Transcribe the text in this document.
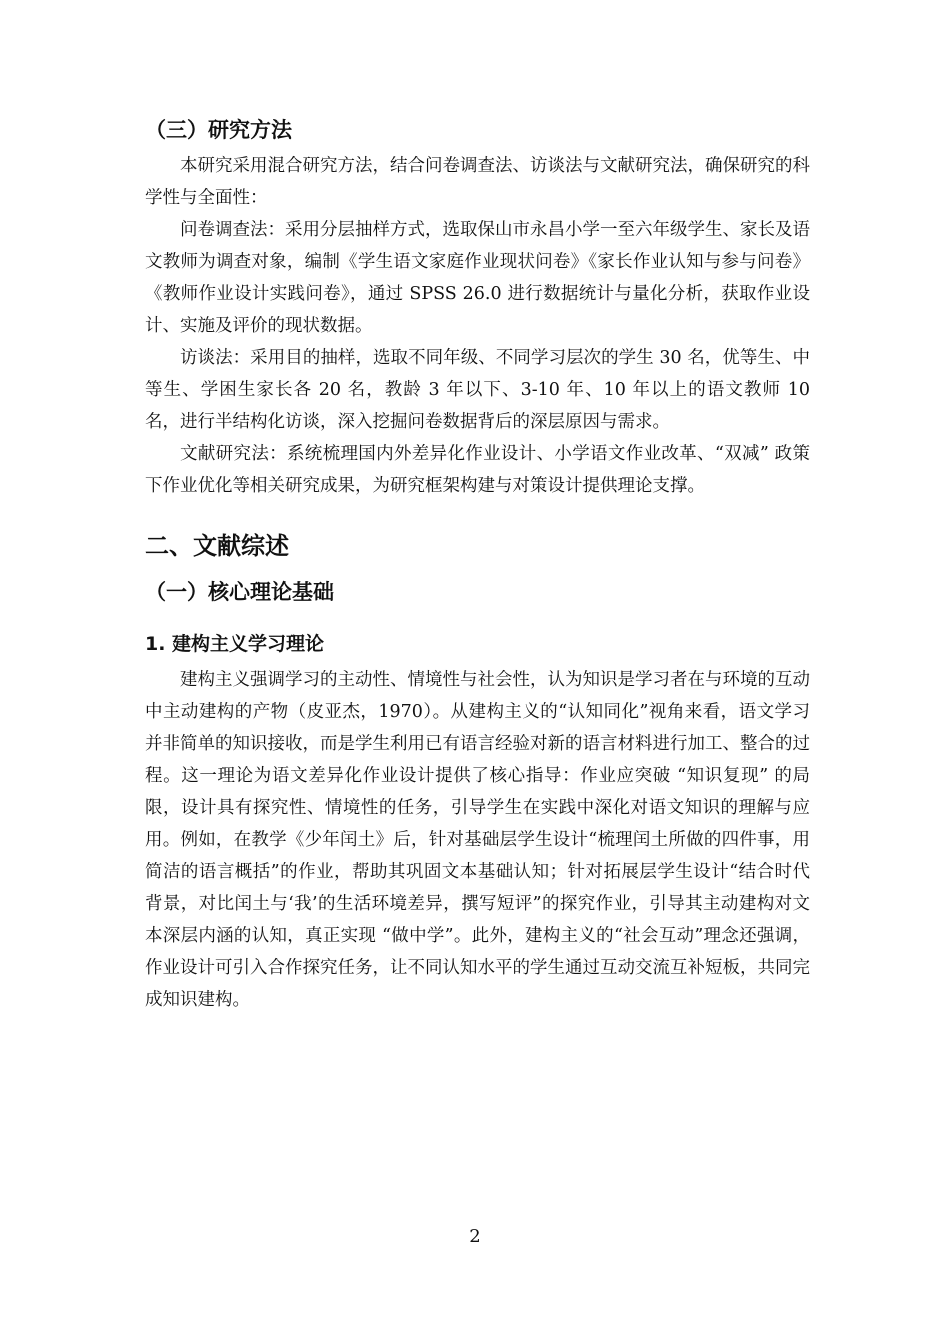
（三）研究方法

本研究采用混合研究方法，结合问卷调查法、访谈法与文献研究法，确保研究的科学性与全面性：

问卷调查法：采用分层抽样方式，选取保山市永昌小学一至六年级学生、家长及语文教师为调查对象，编制《学生语文家庭作业现状问卷》《家长作业认知与参与问卷》《教师作业设计实践问卷》，通过 SPSS 26.0 进行数据统计与量化分析，获取作业设计、实施及评价的现状数据。

访谈法：采用目的抽样，选取不同年级、不同学习层次的学生 30 名，优等生、中等生、学困生家长各 20 名，教龄 3 年以下、3-10 年、10 年以上的语文教师 10 名，进行半结构化访谈，深入挖掘问卷数据背后的深层原因与需求。

文献研究法：系统梳理国内外差异化作业设计、小学语文作业改革、“双减” 政策下作业优化等相关研究成果，为研究框架构建与对策设计提供理论支撑。

二、文献综述
（一）核心理论基础
1. 建构主义学习理论

建构主义强调学习的主动性、情境性与社会性，认为知识是学习者在与环境的互动中主动建构的产物（皮亚杰，1970）。从建构主义的“认知同化”视角来看，语文学习并非简单的知识接收，而是学生利用已有语言经验对新的语言材料进行加工、整合的过程。这一理论为语文差异化作业设计提供了核心指导：作业应突破 “知识复现” 的局限，设计具有探究性、情境性的任务，引导学生在实践中深化对语文知识的理解与应用。例如，在教学《少年闰土》后，针对基础层学生设计“梳理闰土所做的四件事，用简洁的语言概括”的作业，帮助其巩固文本基础认知；针对拓展层学生设计“结合时代背景，对比闰土与‘我’的生活环境差异，撰写短评”的探究作业，引导其主动建构对文本深层内涵的认知，真正实现 “做中学”。此外，建构主义的“社会互动”理念还强调，作业设计可引入合作探究任务，让不同认知水平的学生通过互动交流互补短板，共同完成知识建构。

2
